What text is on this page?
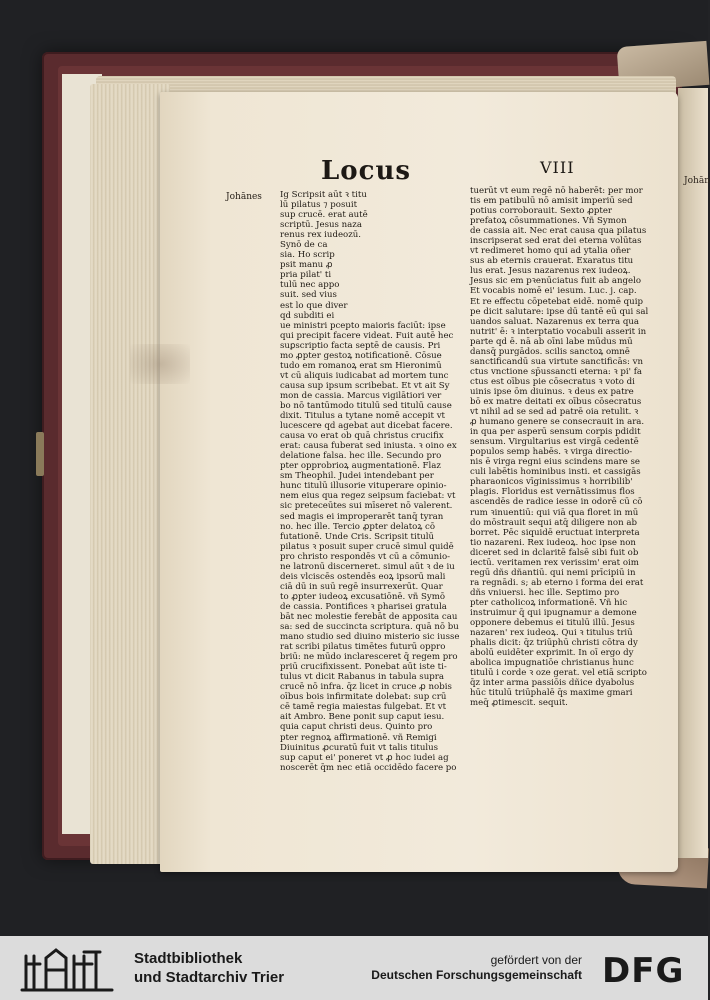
Johān
Locus	VIII
Johānes Ig Scripsit aūt ꝛ titu
lū pilatus ⁊ posuit
sup crucē. erat autē
scriptū. Jesus naza
renus rex iudeozū.
Synō de ca
sia. Ho scrip
psit manu ꝓ
pria pilat' ti
tulū nec appo
suit. sed vius
est lo que diver
qd subditi ei
ue ministri pcepto maioris faciūt: ipse
qui precipit facere videat. Fuit autē hec
suꝑscriptio facta septē de causis. Pri
mo ꝓpter gestoꝝ notificationē. Cōsue
tudo em romanoꝝ erat sm Hieronimū
vt cū aliquis iudicabat ad mortem tunc
causa sup ipsum scribebat. Et vt ait Sy
mon de cassia. Marcus vigilātiori ver
bo nō tantūmodo titulū sed titulū cause
dixit. Titulus a tytane nomē accepit vt
lucescere qd agebat aut dicebat facere.
causa vo erat ob quā christus crucifix
erat: causa fuberat sed iniusta. ꝛ oino ex
delatione falsa. hec ille. Secundo pro
pter opprobrioꝝ augmentationē. Flaz
sm Theophil. Judei intendebant per
hunc titulū illusorie vituperare opinio-
nem eius qua regez seipsum faciebat: vt
sic preteceūtes sui mīseret nō valerent.
sed magis ei improperarēt tanq̄ tyran
no. hec ille. Tercio ꝓpter delatoꝝ cō
futationē. Unde Cris. Scripsit titulū
pilatus ꝛ posuit super crucē simul quidē
pro christo respondēs vt cū a cōmunio-
ne latronū discerneret. simul aūt ꝛ de iu
deis vlciscēs ostendēs eoꝝ ipsorū mali
ciā dū in suū regē insurrexerūt. Quar
to ꝓpter iudeoꝝ excusatiōnē. vñ Symō
de cassia. Pontifices ꝛ pharisei gratula
bāt nec molestie ferebāt de apposita cau
sa: sed de succincta scriptura. quā nō bu
mano studio sed diuino misterio sic iusse
rat scribi pilatus timētes futurū oppro
briū: ne mūdo inclaresceret q̄ regem pro
priū crucifixissent. Ponebat aūt iste ti-
tulus vt dicit Rabanus in tabula supra
crucē nō infra. q̄z licet in cruce ꝓ nobis
oībus bois infirmitate dolebat: sup crū
cē tamē regia maiestas fulgebat. Et vt
ait Ambro. Bene ponit sup caput iesu.
quia caput christi deus. Quinto pro
pter regnoꝝ affirmationē. vñ Remigi
Diuinitus ꝓcuratū fuit vt talis titulus
sup caput ei' poneret vt ꝓ hoc iudei ag
noscerēt q̄m nec etiā occidēdo facere po
tuerūt vt eum regē nō haberēt: per mor
tis em patibulū nō amisit imperiū sed
potius corroborauit. Sexto ꝓpter
prefatoꝝ cōsummationes. Vñ Symon
de cassia ait. Nec erat causa qua pilatus
inscripserat sed erat dei eterna volūtas
vt redimeret homo qui ad ytalia oñer
sus ab eternis crauerat. Exaratus titu
lus erat. Jesus nazarenus rex iudeoꝝ.
Jesus sic em pꝛenūciatus fuit ab angelo
Et vocabis nomē ei' iesum. Luc. j. cap.
Et re effectu cōpetebat eidē. nomē quip
pe dicit salutare: ipse dū tantē eū qui sal
uandos saluat. Nazarenus ex terra qua
nutrit' ē: ꝛ interptatio vocabuli asserit in
parte qd ē. nā ab oīni labe mūdus mū
dansq̄ purgādos. scilis sanctoꝝ omnē
sanctificandū sua virtute sanctificās: vn
ctus vnctione sp̄ussancti eterna: ꝛ pi' fa
ctus est oībus pie cōsecratus ꝛ voto di
uinis ipse ōm diuinus. ꝛ deus ex patre
bō ex matre deitati ex oībus cōsecratus
vt nihil ad se sed ad patrē oia retulit. ꝛ
ꝓ humano genere se consecrauit in ara.
in qua per asperū sensum corpis pdidit
sensum. Virgultarius est virgā cedentē
populos semp habēs. ꝛ virga directio-
nis ē virga regni eius scindens mare se
culi labētis hominibus insti. et cassigās
pharaonicos vīginissimus ꝛ horribilib'
plagis. Floridus est vernātissimus flos
ascendēs de radice iesse in odorē cū cō
rum ꝛinuentiū: qui viā qua floret in mū
do mōstrauit sequi atq̄ diligere non ab
borret. Pēc siquidē eructuat interpreta
tio nazareni. Rex iudeoꝝ. hoc ipse non
diceret sed in dclaritē falsē sibi fuit ob
iectū. veritamen rex verissim' erat oim
regū dñs dñantiū. qui nemi prīcipiū in
ra regnādi. s; ab eterno i forma dei erat
dñs vniuersi. hec ille. Septimo pro
pter catholicoꝝ informationē. Vñ hic
instruimur q̄ qui ipugnamur a demone
opponere debemus ei titulū illū. Jesus
nazaren' rex iudeoꝝ. Qui ꝛ titulus triū
phalis dicit: q̄z triūphū christi cōtra dy
abolū euidēter exprimit. In oī ergo dy
abolica impugnatiōe christianus hunc
titulū i corde ꝛ oze gerat. vel etiā scripto
q̄z inter arma passiōis dñice dyabolus
hūc titulū triūphalē q̄s maxime gmari
meq̄ ꝓtimescit. sequit.
Stadtbibliothek
und Stadtarchiv Trier
gefördert von der
Deutschen Forschungsgemeinschaft DFG
